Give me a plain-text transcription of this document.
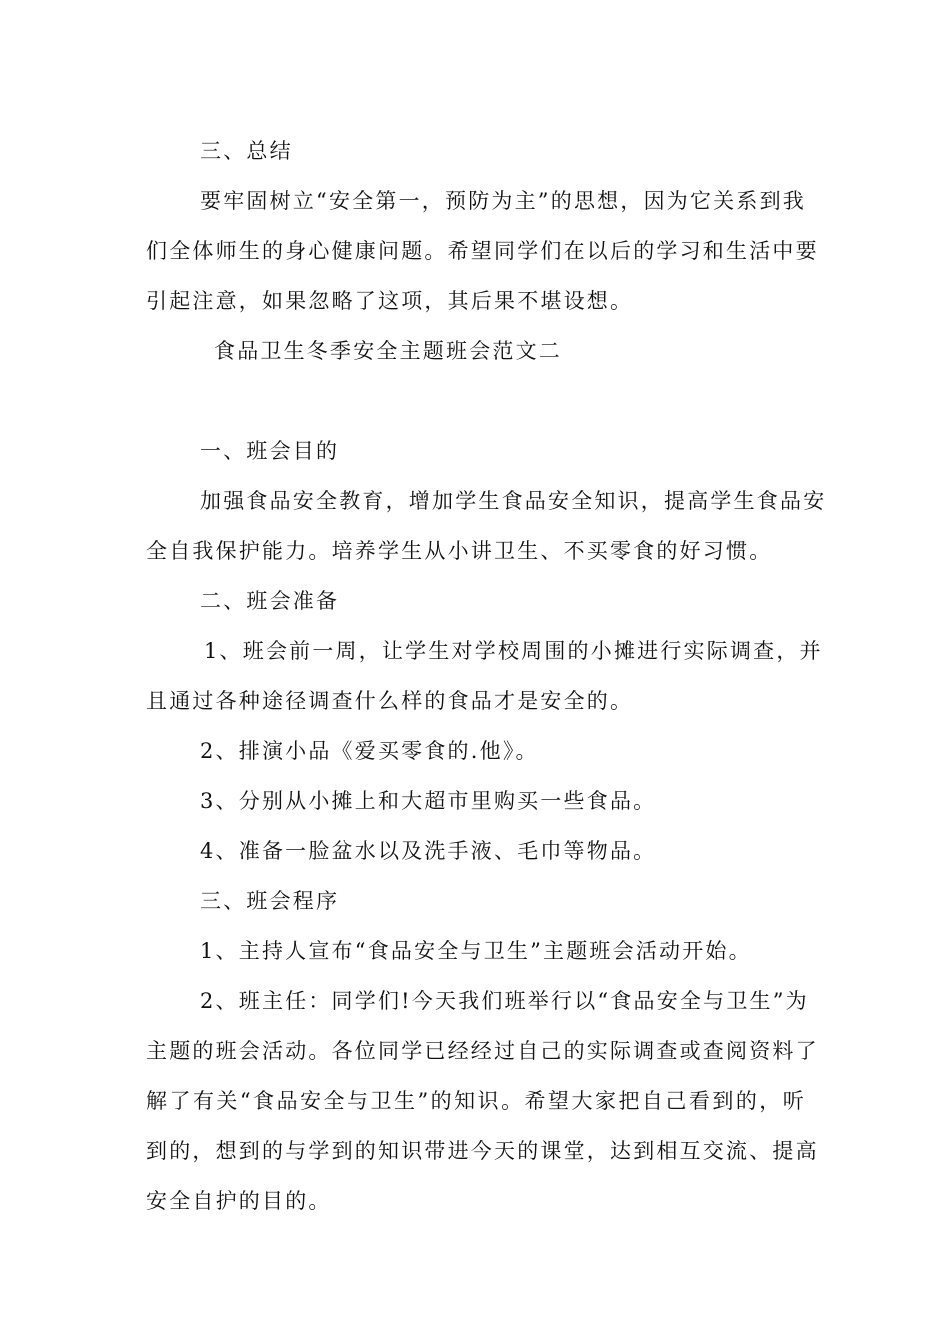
三、总结
要牢固树立“安全第一，预防为主”的思想，因为它关系到我
们全体师生的身心健康问题。希望同学们在以后的学习和生活中要
引起注意，如果忽略了这项，其后果不堪设想。
食品卫生冬季安全主题班会范文二
一、班会目的
加强食品安全教育，增加学生食品安全知识，提高学生食品安
全自我保护能力。培养学生从小讲卫生、不买零食的好习惯。
二、班会准备
1、班会前一周，让学生对学校周围的小摊进行实际调查，并
且通过各种途径调查什么样的食品才是安全的。
2、排演小品《爱买零食的.他》。
3、分别从小摊上和大超市里购买一些食品。
4、准备一脸盆水以及洗手液、毛巾等物品。
三、班会程序
1、主持人宣布“食品安全与卫生”主题班会活动开始。
2、班主任：同学们!今天我们班举行以“食品安全与卫生”为
主题的班会活动。各位同学已经经过自己的实际调查或查阅资料了
解了有关“食品安全与卫生”的知识。希望大家把自己看到的，听
到的，想到的与学到的知识带进今天的课堂，达到相互交流、提高
安全自护的目的。
